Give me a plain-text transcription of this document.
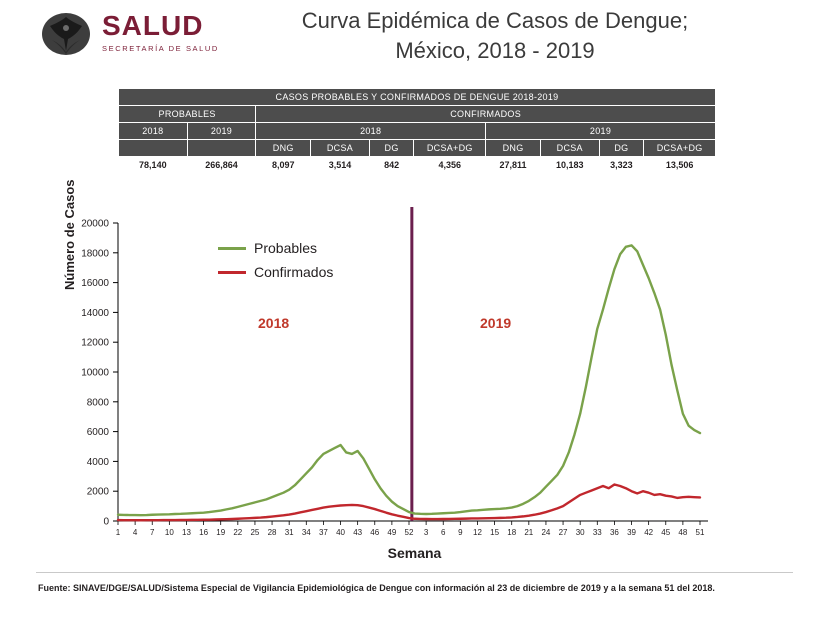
SALUD
SECRETARÍA DE SALUD
Curva Epidémica de Casos de Dengue;
México, 2018 - 2019
CASOS PROBABLES Y CONFIRMADOS DE DENGUE 2018-2019									
PROBABLES		CONFIRMADOS							
2018	2019	2018				2019			
		DNG	DCSA	DG	DCSA+DG	DNG	DCSA	DG	DCSA+DG
78,140	266,864	8,097	3,514	842	4,356	27,811	10,183	3,323	13,506
Número de Casos
0
2000
4000
6000
8000
10000
12000
14000
16000
18000
20000
1 4 7 10 13 16 19 22 25 28 31 34 37 40 43 46 49 52 3 6 9 12 15 18 21 24 27 30 33 36 39 42 45 48 51
Probables
Confirmados
2018	2019
Semana
Fuente: SINAVE/DGE/SALUD/Sistema Especial de Vigilancia Epidemiológica de Dengue con información al 23 de diciembre de 2019 y a la semana 51 del 2018.
